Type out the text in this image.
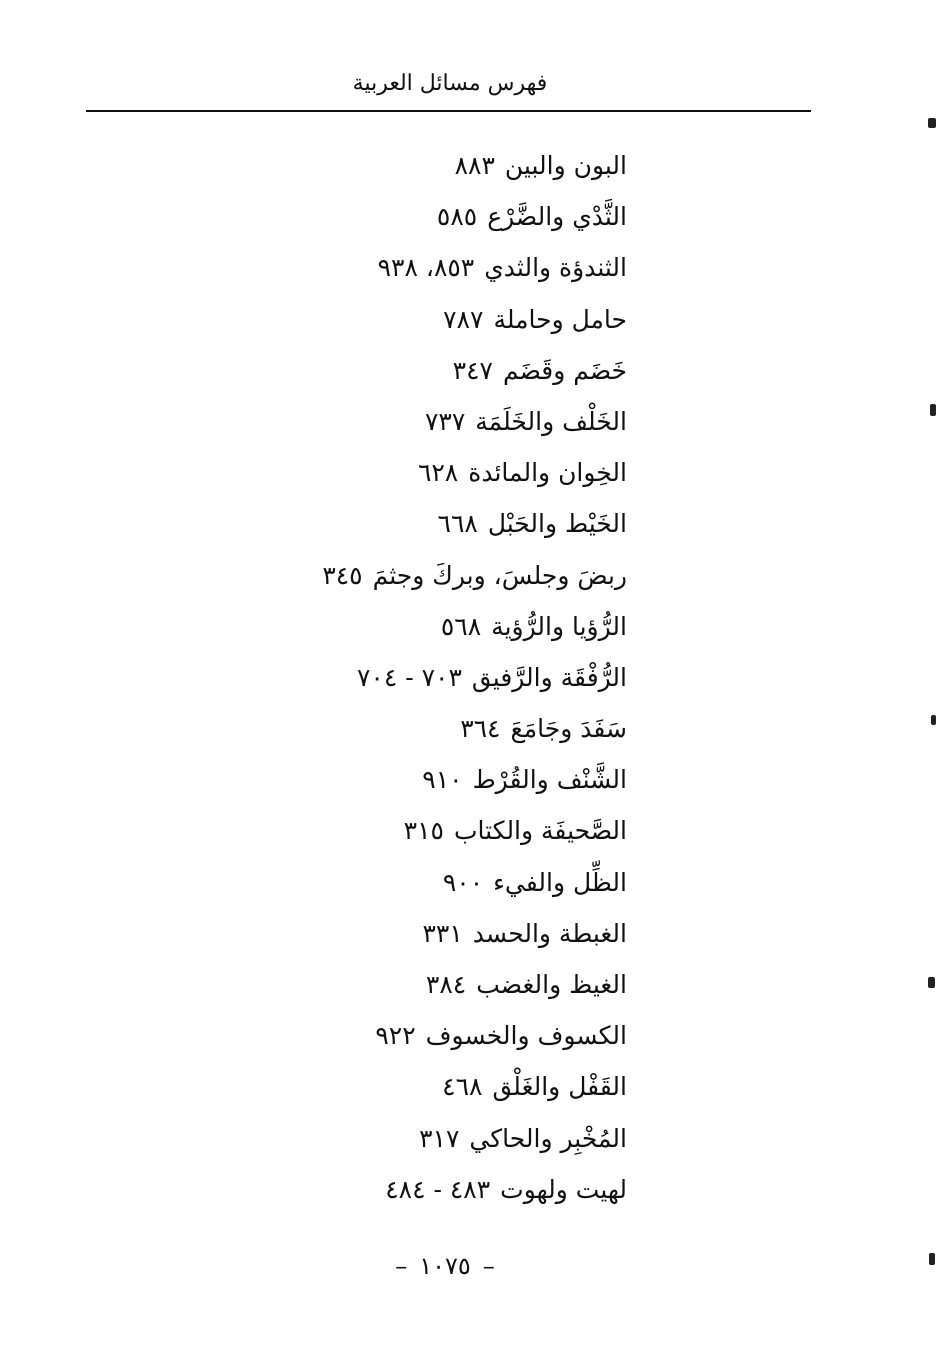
فهرس مسائل العربية
البون والبين٨٨٣
الثَّدْي والضَّرْع٥٨٥
الثندؤة والثدي٨٥٣، ٩٣٨
حامل وحاملة٧٨٧
خَضَم وقَضَم٣٤٧
الخَلْف والخَلَمَة٧٣٧
الخِوان والمائدة٦٢٨
الخَيْط والحَبْل٦٦٨
ربضَ وجلسَ، وبركَ وجثمَ٣٤٥
الرُّؤيا والرُّؤية٥٦٨
الرُّفْقَة والرَّفيق٧٠٣ - ٧٠٤
سَفَدَ وجَامَعَ٣٦٤
الشَّنْف والقُرْط٩١٠
الصَّحيفَة والكتاب٣١٥
الظِّل والفيء٩٠٠
الغبطة والحسد٣٣١
الغيظ والغضب٣٨٤
الكسوف والخسوف٩٢٢
القَفْل والغَلْق٤٦٨
المُخْبِر والحاكي٣١٧
لهيت ولهوت٤٨٣ - ٤٨٤
–١٠٧٥–
